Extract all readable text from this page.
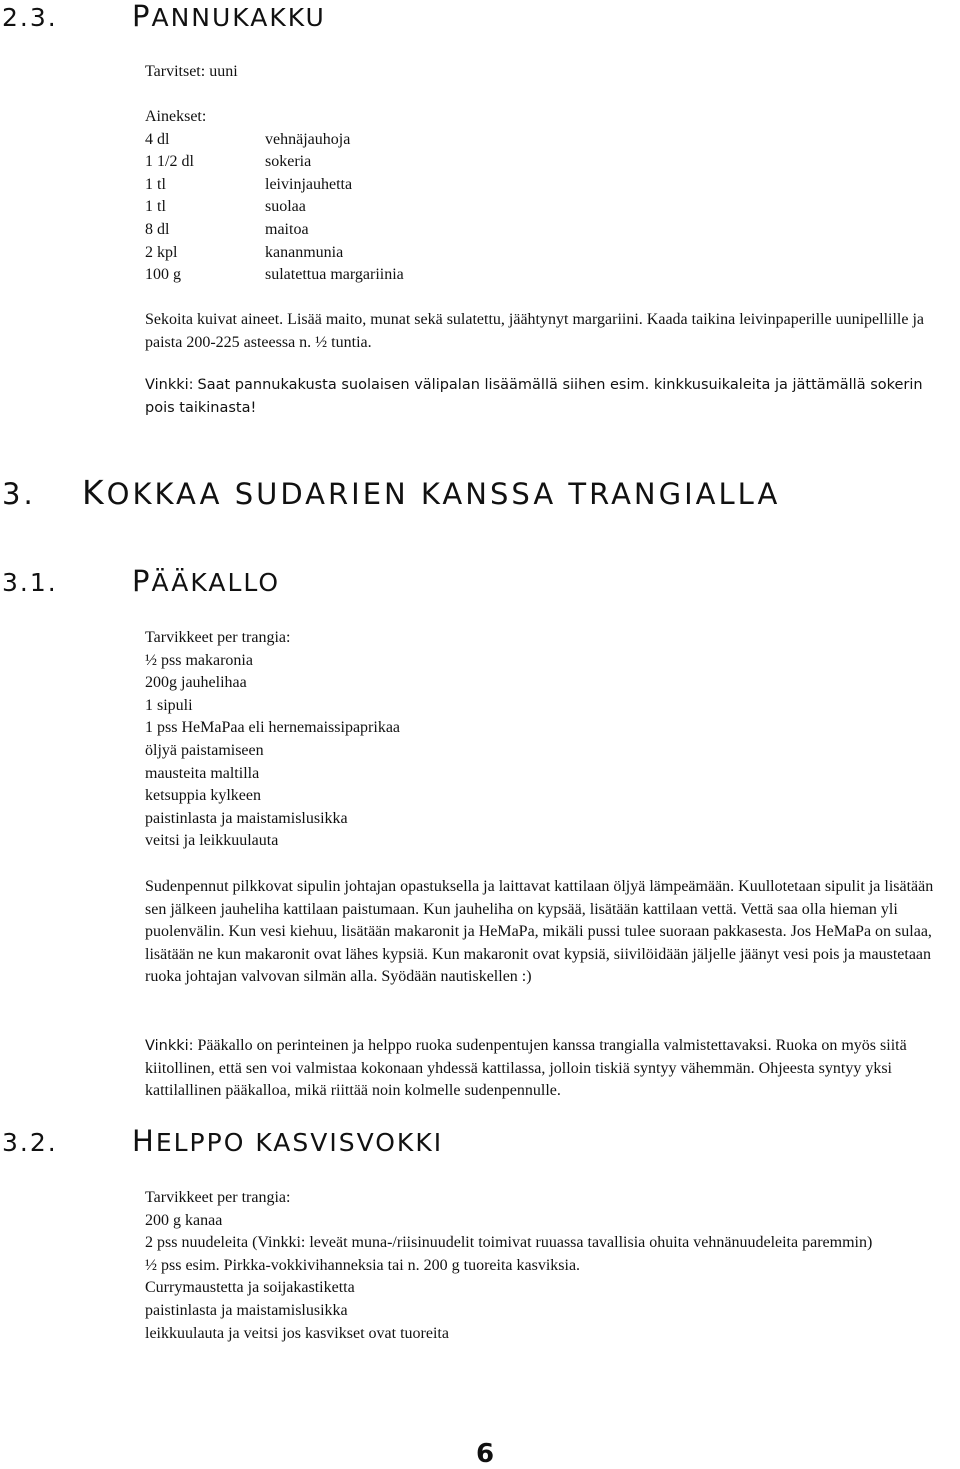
2.3.	PANNUKAKKU
Tarvitset: uuni
Ainekset:
4 dl	vehnäjauhoja
1 1/2 dl	sokeria
1 tl	leivinjauhetta
1 tl	suolaa
8 dl	maitoa
2 kpl	kananmunia
100 g	sulatettua margariinia
Sekoita kuivat aineet. Lisää maito, munat sekä sulatettu, jäähtynyt margariini. Kaada taikina leivinpaperille uunipellille ja paista 200-225 asteessa n. ½ tuntia.
Vinkki: Saat pannukakusta suolaisen välipalan lisäämällä siihen esim. kinkkusuikaleita ja jättämällä sokerin pois taikinasta!
3. KOKKAA SUDARIEN KANSSA TRANGIALLA
3.1.	PÄÄKALLO
Tarvikkeet per trangia:
½ pss makaronia
200g jauhelihaa
1 sipuli
1 pss HeMaPaa eli hernemaissipaprikaa
öljyä paistamiseen
mausteita maltilla
ketsuppia kylkeen
paistinlasta ja maistamislusikka
veitsi ja leikkuulauta
Sudenpennut pilkkovat sipulin johtajan opastuksella ja laittavat kattilaan öljyä lämpeämään. Kuullotetaan sipulit ja lisätään sen jälkeen jauheliha kattilaan paistumaan. Kun jauheliha on kypsää, lisätään kattilaan vettä. Vettä saa olla hieman yli puolenvälin. Kun vesi kiehuu, lisätään makaronit ja HeMaPa, mikäli pussi tulee suoraan pakkasesta. Jos HeMaPa on sulaa, lisätään ne kun makaronit ovat lähes kypsiä. Kun makaronit ovat kypsiä, siivilöidään jäljelle jäänyt vesi pois ja maustetaan ruoka johtajan valvovan silmän alla. Syödään nautiskellen :)
Vinkki: Pääkallo on perinteinen ja helppo ruoka sudenpentujen kanssa trangialla valmistettavaksi. Ruoka on myös siitä kiitollinen, että sen voi valmistaa kokonaan yhdessä kattilassa, jolloin tiskiä syntyy vähemmän. Ohjeesta syntyy yksi kattilallinen pääkalloa, mikä riittää noin kolmelle sudenpennulle.
3.2.	HELPPO KASVISVOKKI
Tarvikkeet per trangia:
200 g kanaa
2 pss nuudeleita (Vinkki: leveät muna-/riisinuudelit toimivat ruuassa tavallisia ohuita vehnänuudeleita paremmin)
½ pss esim. Pirkka-vokkivihanneksia tai n. 200 g tuoreita kasviksia.
Currymaustetta ja soijakastiketta
paistinlasta ja maistamislusikka
leikkuulauta ja veitsi jos kasvikset ovat tuoreita
6
